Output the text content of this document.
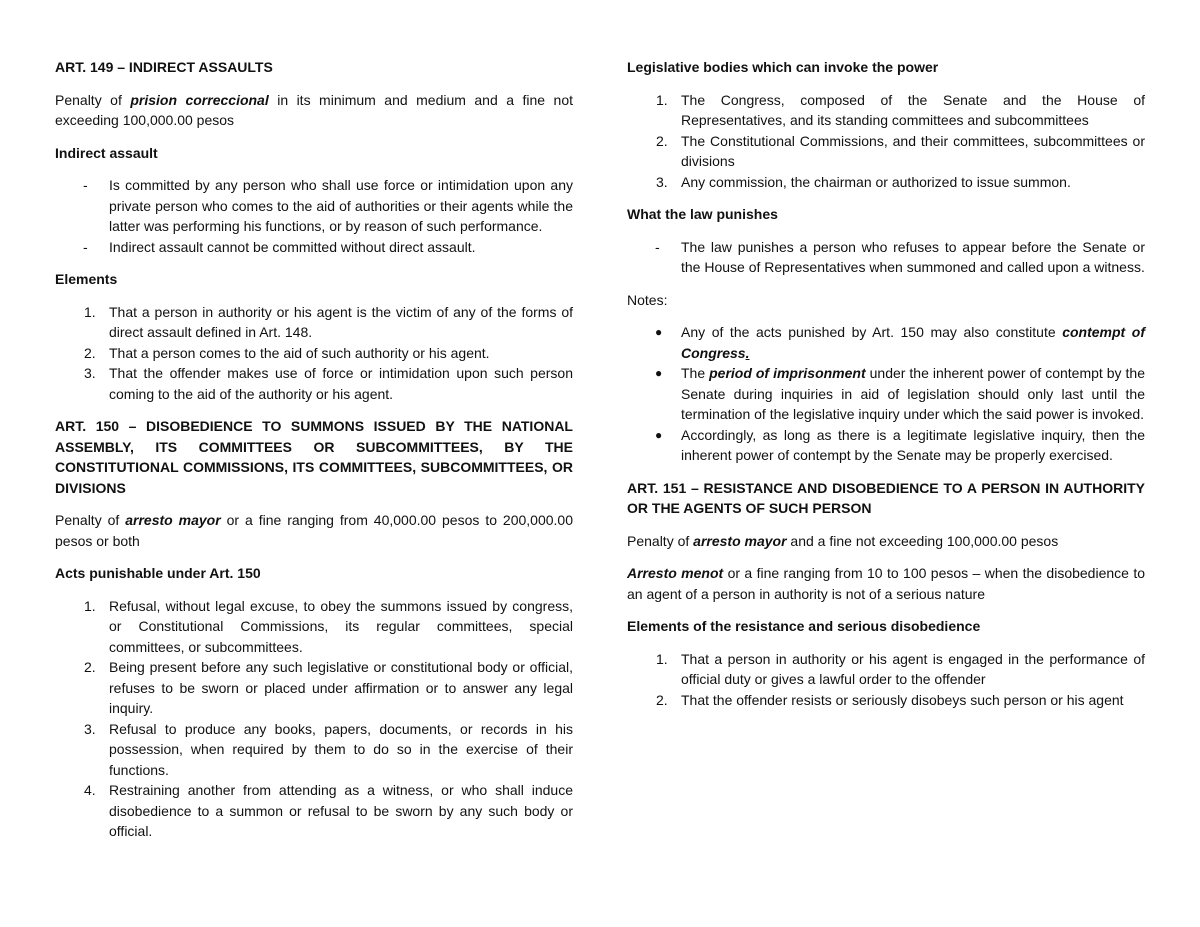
ART. 149 – INDIRECT ASSAULTS

Penalty of prision correccional in its minimum and medium and a fine not exceeding 100,000.00 pesos

Indirect assault

- Is committed by any person who shall use force or intimidation upon any private person who comes to the aid of authorities or their agents while the latter was performing his functions, or by reason of such performance.
- Indirect assault cannot be committed without direct assault.

Elements

1. That a person in authority or his agent is the victim of any of the forms of direct assault defined in Art. 148.
2. That a person comes to the aid of such authority or his agent.
3. That the offender makes use of force or intimidation upon such person coming to the aid of the authority or his agent.

ART. 150 – DISOBEDIENCE TO SUMMONS ISSUED BY THE NATIONAL ASSEMBLY, ITS COMMITTEES OR SUBCOMMITTEES, BY THE CONSTITUTIONAL COMMISSIONS, ITS COMMITTEES, SUBCOMMITTEES, OR DIVISIONS

Penalty of arresto mayor or a fine ranging from 40,000.00 pesos to 200,000.00 pesos or both

Acts punishable under Art. 150

1. Refusal, without legal excuse, to obey the summons issued by congress, or Constitutional Commissions, its regular committees, special committees, or subcommittees.
2. Being present before any such legislative or constitutional body or official, refuses to be sworn or placed under affirmation or to answer any legal inquiry.
3. Refusal to produce any books, papers, documents, or records in his possession, when required by them to do so in the exercise of their functions.
4. Restraining another from attending as a witness, or who shall induce disobedience to a summon or refusal to be sworn by any such body or official.

Legislative bodies which can invoke the power

1. The Congress, composed of the Senate and the House of Representatives, and its standing committees and subcommittees
2. The Constitutional Commissions, and their committees, subcommittees or divisions
3. Any commission, the chairman or authorized to issue summon.

What the law punishes

- The law punishes a person who refuses to appear before the Senate or the House of Representatives when summoned and called upon a witness.

Notes:

● Any of the acts punished by Art. 150 may also constitute contempt of Congress.
● The period of imprisonment under the inherent power of contempt by the Senate during inquiries in aid of legislation should only last until the termination of the legislative inquiry under which the said power is invoked.
● Accordingly, as long as there is a legitimate legislative inquiry, then the inherent power of contempt by the Senate may be properly exercised.

ART. 151 – RESISTANCE AND DISOBEDIENCE TO A PERSON IN AUTHORITY OR THE AGENTS OF SUCH PERSON

Penalty of arresto mayor and a fine not exceeding 100,000.00 pesos

Arresto menot or a fine ranging from 10 to 100 pesos – when the disobedience to an agent of a person in authority is not of a serious nature

Elements of the resistance and serious disobedience

1. That a person in authority or his agent is engaged in the performance of official duty or gives a lawful order to the offender
2. That the offender resists or seriously disobeys such person or his agent
